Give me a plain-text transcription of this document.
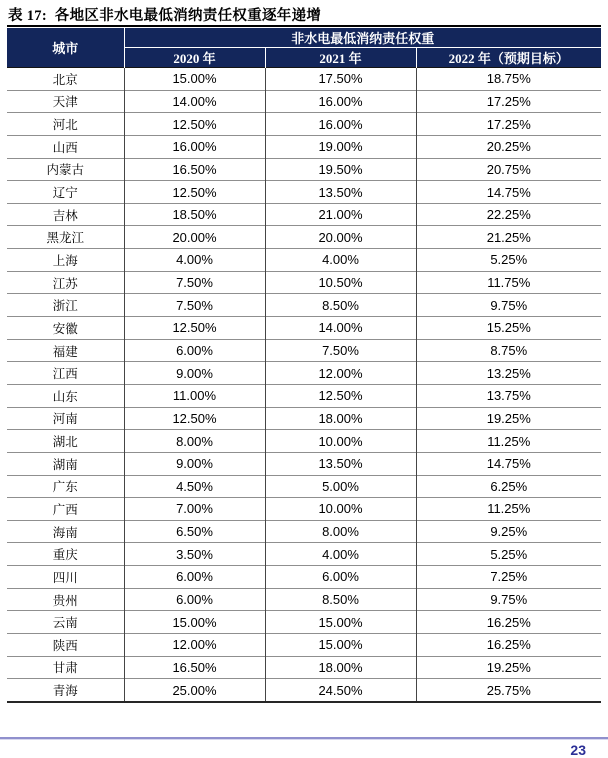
表 17:  各地区非水电最低消纳责任权重逐年递增
城市	非水电最低消纳责任权重		
	2020 年	2021 年	2022 年（预期目标）
北京	15.00%	17.50%	18.75%
天津	14.00%	16.00%	17.25%
河北	12.50%	16.00%	17.25%
山西	16.00%	19.00%	20.25%
内蒙古	16.50%	19.50%	20.75%
辽宁	12.50%	13.50%	14.75%
吉林	18.50%	21.00%	22.25%
黑龙江	20.00%	20.00%	21.25%
上海	4.00%	4.00%	5.25%
江苏	7.50%	10.50%	11.75%
浙江	7.50%	8.50%	9.75%
安徽	12.50%	14.00%	15.25%
福建	6.00%	7.50%	8.75%
江西	9.00%	12.00%	13.25%
山东	11.00%	12.50%	13.75%
河南	12.50%	18.00%	19.25%
湖北	8.00%	10.00%	11.25%
湖南	9.00%	13.50%	14.75%
广东	4.50%	5.00%	6.25%
广西	7.00%	10.00%	11.25%
海南	6.50%	8.00%	9.25%
重庆	3.50%	4.00%	5.25%
四川	6.00%	6.00%	7.25%
贵州	6.00%	8.50%	9.75%
云南	15.00%	15.00%	16.25%
陕西	12.00%	15.00%	16.25%
甘肃	16.50%	18.00%	19.25%
青海	25.00%	24.50%	25.75%
23
